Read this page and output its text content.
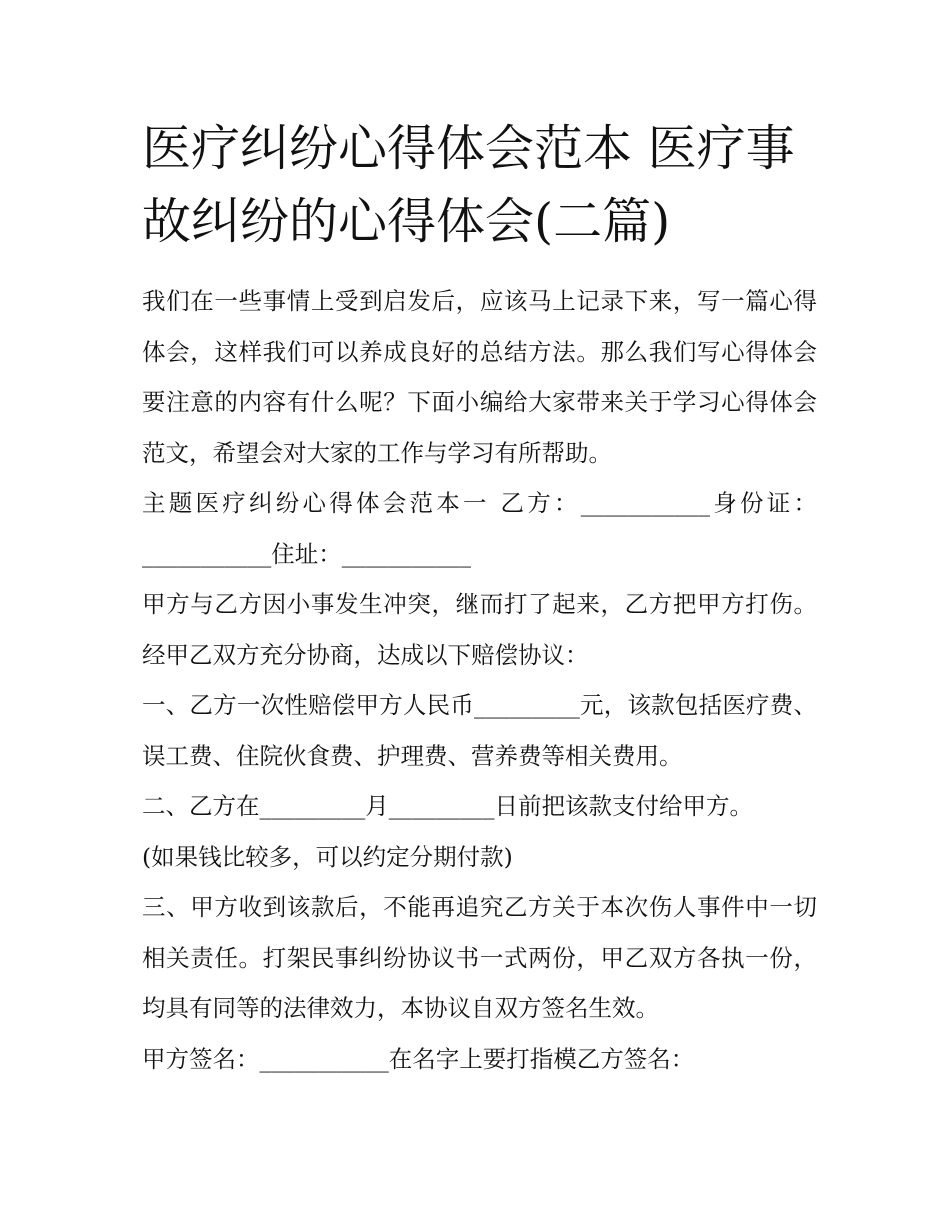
医疗纠纷心得体会范本 医疗事故纠纷的心得体会(二篇)

我们在一些事情上受到启发后，应该马上记录下来，写一篇心得体会，这样我们可以养成良好的总结方法。那么我们写心得体会要注意的内容有什么呢？下面小编给大家带来关于学习心得体会范文，希望会对大家的工作与学习有所帮助。

主题医疗纠纷心得体会范本一 乙方：___________身份证：___________住址：___________

甲方与乙方因小事发生冲突，继而打了起来，乙方把甲方打伤。经甲乙双方充分协商，达成以下赔偿协议：

一、乙方一次性赔偿甲方人民币_________元，该款包括医疗费、误工费、住院伙食费、护理费、营养费等相关费用。

二、乙方在_________月_________日前把该款支付给甲方。

(如果钱比较多，可以约定分期付款)

三、甲方收到该款后，不能再追究乙方关于本次伤人事件中一切相关责任。打架民事纠纷协议书一式两份，甲乙双方各执一份，均具有同等的法律效力，本协议自双方签名生效。

甲方签名：___________在名字上要打指模乙方签名：
